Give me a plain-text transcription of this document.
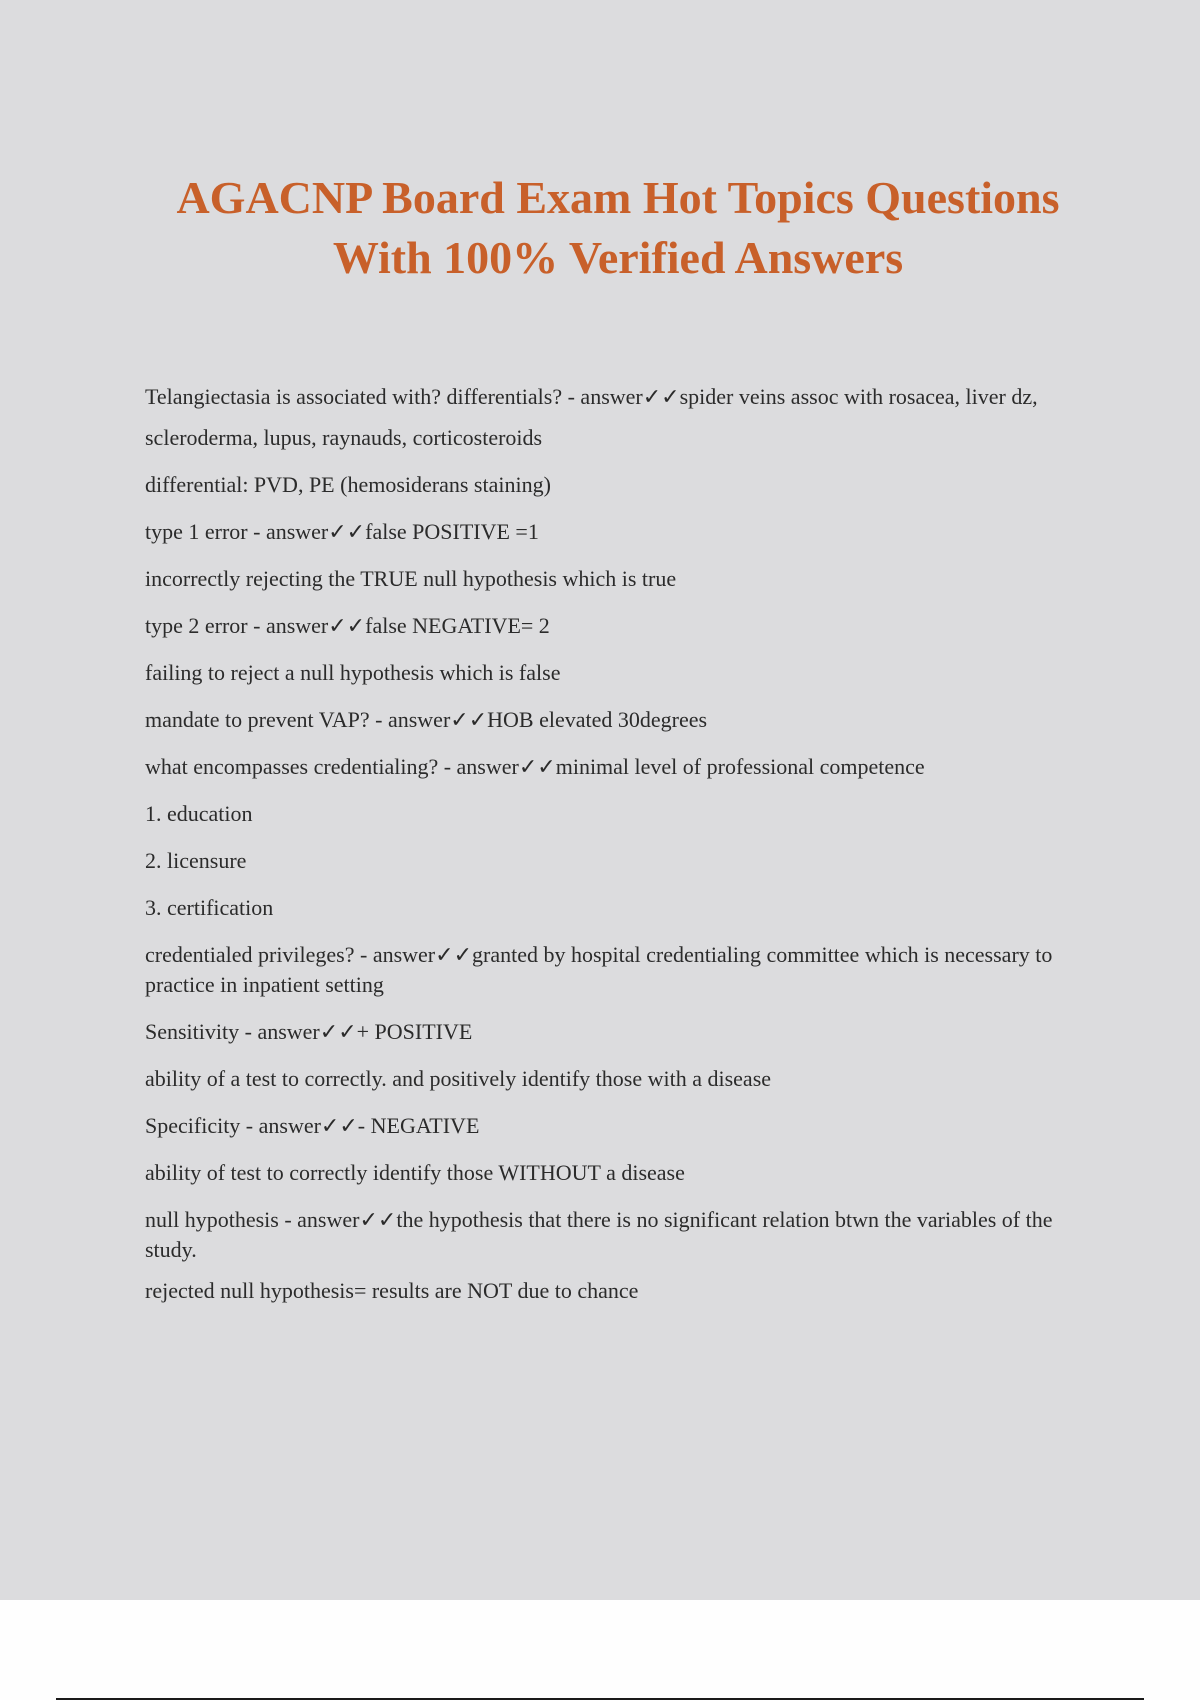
AGACNP Board Exam Hot Topics Questions
With 100% Verified Answers

Telangiectasia is associated with? differentials? - answer✓✓spider veins assoc with rosacea, liver dz,

scleroderma, lupus, raynauds, corticosteroids

differential: PVD, PE (hemosiderans staining)

type 1 error - answer✓✓false POSITIVE =1

incorrectly rejecting the TRUE null hypothesis which is true

type 2 error - answer✓✓false NEGATIVE= 2

failing to reject a null hypothesis which is false

mandate to prevent VAP? - answer✓✓HOB elevated 30degrees

what encompasses credentialing? - answer✓✓minimal level of professional competence

1. education

2. licensure

3. certification

credentialed privileges? - answer✓✓granted by hospital credentialing committee which is necessary to practice in inpatient setting

Sensitivity - answer✓✓+ POSITIVE

ability of a test to correctly. and positively identify those with a disease

Specificity - answer✓✓- NEGATIVE

ability of test to correctly identify those WITHOUT a disease

null hypothesis - answer✓✓the hypothesis that there is no significant relation btwn the variables of the study.

rejected null hypothesis= results are NOT due to chance
